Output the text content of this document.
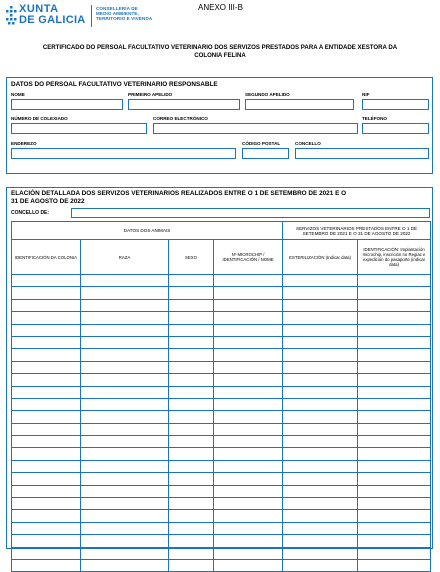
XUNTA
DE GALICIA
CONSELLERÍA DE
MEDIO AMBIENTE,
TERRITORIO E VIVENDA
ANEXO III-B
CERTIFICADO DO PERSOAL FACULTATIVO VETERINARIO DOS SERVIZOS PRESTADOS PARA A ENTIDADE XESTORA DA COLONIA FELINA
DATOS DO PERSOAL FACULTATIVO VETERINARIO RESPONSABLE
NOME	PRIMEIRO APELIDO	SEGUNDO APELIDO	NIF
NÚMERO DE COLEXIADO	CORREO ELECTRÓNICO	TELÉFONO
ENDEREZO	CÓDIGO POSTAL	CONCELLO
ELACIÓN DETALLADA DOS SERVIZOS VETERINARIOS REALIZADOS ENTRE O 1 DE SETEMBRO DE 2021 E O 31 DE AGOSTO DE 2022
CONCELLO DE:
DATOS DOS ANIMAIS				SERVIZOS VETERINARIOS PRESTADOS ENTRE O 1 DE SETEMBRO DE 2021 E O 31 DE AGOSTO DE 2022	
IDENTIFICACIÓN DA COLONIA	RAZA	SEXO	Nº MICROCHIP / IDENTIFICACIÓN / NOME	ESTERILIZACIÓN (Indicar data)	IDENTIFICACIÓN: Implantación microchip, inscrición no Regiac e expedición do pasaporte (indicar data)
